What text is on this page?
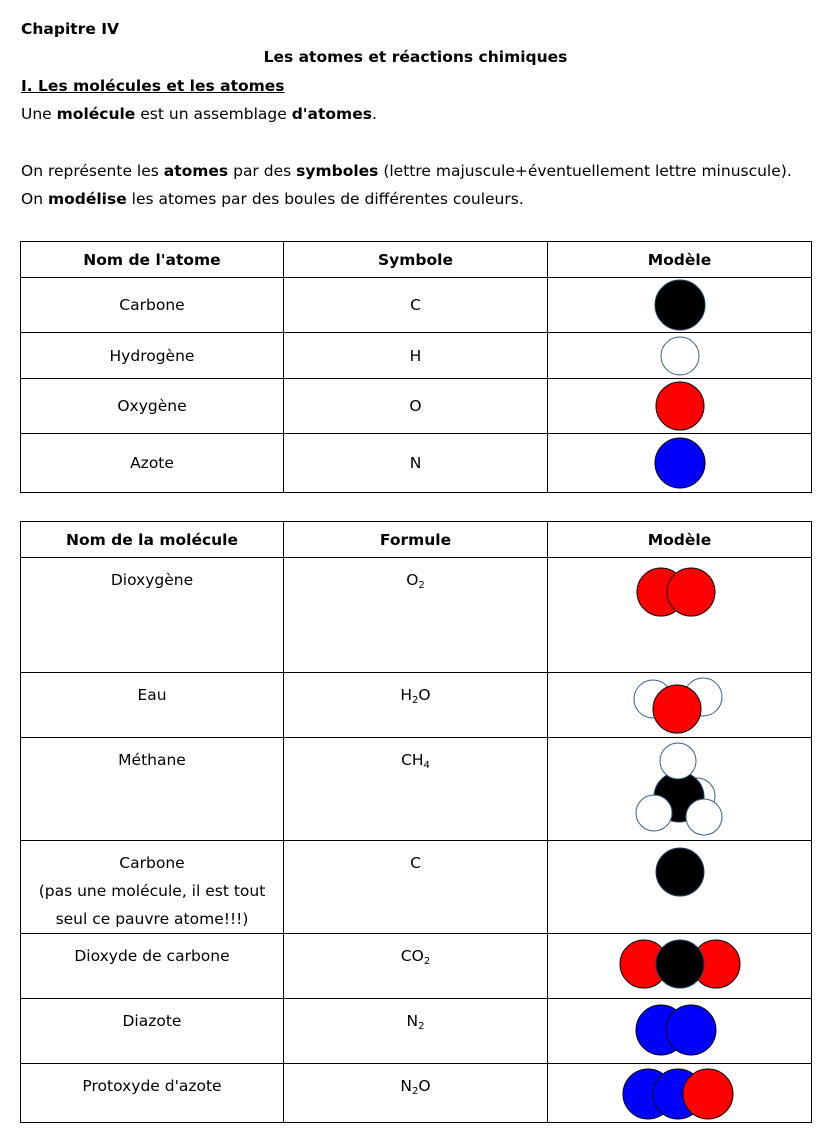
Chapitre IV
Les atomes et réactions chimiques
I. Les molécules et les atomes
Une molécule est un assemblage d'atomes.
On représente les atomes par des symboles (lettre majuscule+éventuellement lettre minuscule).
On modélise les atomes par des boules de différentes couleurs.
Nom de l'atome	Symbole	Modèle
Carbone	C	

Hydrogène	H	

Oxygène	O	

Azote	N	
Nom de la molécule	Formule	Modèle

Dioxygène	$O_2$	

Eau	$H_2O$	

Méthane	$CH_4$	

Carbone
(pas une molécule, il est tout
seul ce pauvre atome!!!)	C	

Dioxyde de carbone	$CO_2$	

Diazote	$N_2$	

Protoxyde d'azote	$N_2O$	
